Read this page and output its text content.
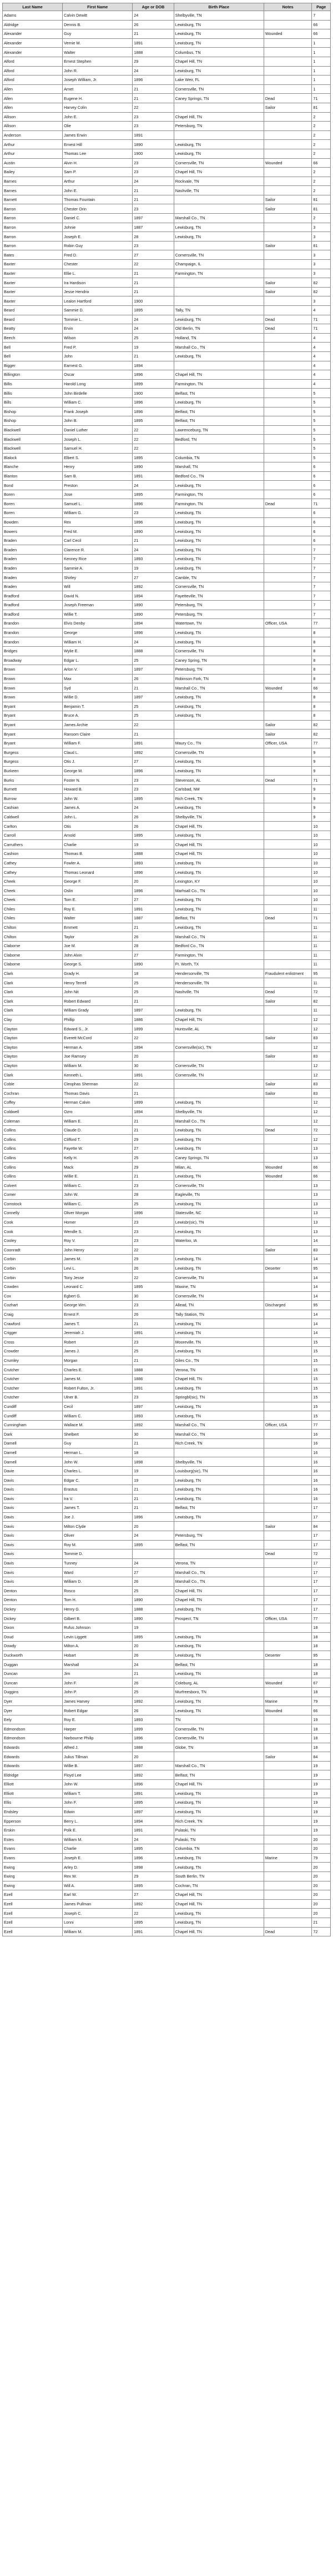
Last Name	First Name	Age or DOB	Birth Place	Notes	Page
Adams	Calvin Dewitt	24	Shelbyville, TN		7
Aldridge	Dennis B.	26	Lewisburg, TN		66
Alexander	Guy	21	Lewisburg, TN	Wounded	66
Alexander	Vernie M.	1891	Lewisburg, TN		1
Alexander	Walter	1888	Columbus, TN		1
Alford	Ernest Stephen	29	Chapel Hill, TN		1
Alford	John R.	24	Lewisburg, TN		1
Alford	Joseph William, Jr.	1896	Lake Weir, FL		1
Allen	Arnet	21	Cornersville, TN		1
Allen	Eugene H.	21	Caney Springs, TN	Dead	71
Allen	Harvey Colin	22		Sailor	81
Allison	John E.	23	Chapel Hill, TN		2
Allison	Olie	23	Petersburg, TN		2
Anderson	James Erwin	1891			2
Arthur	Ernest Hill	1890	Lewisburg, TN		2
Arthur	Thomas Lee	1900	Lewisburg, TN		2
Austin	Alvin H.	23	Cornersville, TN	Wounded	66
Bailey	Sam P.	23	Chapel Hill, TN		2
Barnes	Arthur	24	Rockvale, TN		2
Barnes	John E.	21	Nashville, TN		2
Barnett	Thomas Fountain	21		Sailor	81
Barron	Chester Orin	23		Sailor	81
Barron	Daniel C.	1897	Marshall Co., TN		2
Barron	Johnie	1887	Lewisburg, TN		3
Barron	Joseph E.	28	Lewisburg, TN		3
Barron	Robin Guy	23		Sailor	81
Bates	Fred D.	27	Cornersville, TN		3
Baxter	Chester	22	Champaign, IL		3
Baxter	Ellie L.	21	Farmington, TN		3
Baxter	Ira Hardison	21		Sailor	82
Baxter	Jesse Hendrix	21		Sailor	82
Baxter	Lealon Hartford	1900			3
Beard	Sammie D.	1895	Tally, TN		4
Beard	Tommie L.	24	Lewisburg, TN	Dead	71
Beatty	Ervin	24	Old Berlin, TN	Dead	71
Beech	Wilson	25	Holland, TN		4
Bell	Fred P.	19	Marshall Co., TN		4
Bell	John	21	Lewisburg, TN		4
Bigger	Earnest G.	1894			4
Billington	Oscar	1896	Chapel Hill, TN		4
Billis	Harold Long	1899	Farmington, TN		4
Billis	John Birdelle	1900	Belfast, TN		5
Bills	William C.	1896	Lewisburg, TN		5
Bishop	Frank Joseph	1896	Belfast, TN		5
Bishop	John B.	1895	Belfast, TN		5
Blackwell	Daniel Luther	22	Lawrenceburg, TN		5
Blackwell	Joseph L.	22	Bedford, TN		5
Blackwell	Samuel H.	22			5
Blalock	Elbert S.	1895	Columbia, TN		5
Blanche	Henry	1890	Marshall, TN		6
Blanton	Sam B.	1891	Bedford Co., TN		6
Bond	Preston	24	Lewisburg, TN		6
Boren	Jose	1895	Farmington, TN		6
Boren	Samuel L.	1896	Farmington, TN	Dead	71
Boren	William G.	23	Lewisburg, TN		6
Bowden	Rex	1896	Lewisburg, TN		6
Bowers	Fred M.	1890	Lewisburg, TN		6
Braden	Carl Cecil	21	Lewisburg, TN		6
Braden	Clarence R.	24	Lewisburg, TN		7
Braden	Kenney Rice	1893	Lewisburg, TN		7
Braden	Sammie A.	19	Lewisburg, TN		7
Braden	Shirley	27	Camble, TN		7
Braden	Will	1892	Cornersville, TN		7
Bradford	David N.	1894	Fayetteville, TN		7
Bradford	Joseph Freeman	1890	Petersburg, TN		7
Bradford	Willie T.	1890	Petersburg, TN		7
Brandon	Elvis Denby	1894	Watertown, TN	Officer, USA	77
Brandon	George	1896	Lewisburg, TN		8
Brandon	William H.	24	Lewisburg, TN		8
Bridges	Wylie E.	1888	Cornersville, TN		8
Broadway	Edgar L.	25	Caney Spring, TN		8
Brown	Arlon V.	1897	Petersburg, TN		8
Brown	Max	26	Robinson Fork, TN		8
Brown	Syd	21	Marshall Co., TN	Wounded	66
Brown	Willie D.	1897	Lewisburg, TN		8
Bryant	Benjamin T.	25	Lewisburg, TN		8
Bryant	Bruce A.	25	Lewisburg, TN		8
Bryant	James Archie	22		Sailor	82
Bryant	Ransom Claire	21		Sailor	82
Bryant	William F.	1891	Maury Co., TN	Officer, USA	77
Burgess	Claud L.	1892	Cornersville, TN		9
Burgess	Otis J.	27	Lewisburg, TN		9
Burkeen	George M.	1896	Lewisburg, TN		9
Burks	Foster N.	23	Stevenson, AL	Dead	71
Burnett	Howard B.	23	Carlsbad, NM		9
Burrow	John W.	1895	Rich Creek, TN		9
Cashian	James A.	24	Lewisburg, TN		9
Caldwell	John L.	26	Shelbyville, TN		9
Carlton	Otis	26	Chapel Hill, TN		10
Carroll	Arnold	1895	Lewisburg, TN		10
Carruthers	Charlie	19	Chapel Hill, TN		10
Cashion	Thomas B.	1888	Chapel Hill, TN		10
Cathey	Fowler A.	1893	Lewisburg, TN		10
Cathey	Thomas Leonard	1896	Lewisburg, TN		10
Cheek	George F.	20	Lexington, KY		10
Cheek	Oslin	1896	Marhsall Co., TN		10
Cheek	Tom E.	27	Lewisburg, TN		10
Chiles	Roy E.	1891	Lewisburg, TN		11
Chiles	Walter	1887	Belfast, TN	Dead	71
Chilton	Emmett	21	Lewisburg, TN		11
Chilton	Taylor	26	Marshall Co., TN		11
Claborne	Joe M.	28	Bedford Co., TN		11
Claborne	John Alvin	27	Farmington, TN		11
Claborne	George S.	1890	Ft. Worth, TX		11
Clark	Grady H.	18	Hendersonville, TN	Fraudulent enlistment	95
Clark	Henry Terrell	25	Hendersonville, TN		11
Clark	John Nit	25	Nashville, TN	Dead	72
Clark	Robert Edward	21		Sailor	82
Clark	William Grady	1897	Lewisburg, TN		11
Clay	Phillip	1886	Chapel Hill, TN		12
Clayton	Edward S., Jr.	1899	Huntsville, AL		12
Clayton	Everett McCord	22		Sailor	83
Clayton	Herman A.	1894	Cornersville(sic), TN		12
Clayton	Joe Ramsey	20		Sailor	83
Clayton	William M.	30	Cornersville, TN		12
Clark	Kenneth L.	1891	Cornersville, TN		12
Coble	Cleophas Sherman	22		Sailor	83
Cochran	Thomas Davis	21		Sailor	83
Coffey	Herman Calvin	1899	Lewisburg, TN		12
Coldwell	Ozro	1894	Shelbyville, TN		12
Coleman	William E.	21	Marshall Co., TN		12
Collins	Claude D.	21	Lewisburg, TN	Dead	72
Collins	Clifford T.	29	Lewisburg, TN		12
Collins	Fayette W.	27	Lewisburg, TN		13
Collins	Kelly H.	25	Caney Springs, TN		13
Collins	Mack	29	Milan, AL	Wounded	66
Collins	Willie E.	21	Lewisburg, TN	Wounded	66
Colvert	William C.	23	Cornersville, TN		13
Comer	John W.	28	Eagleville, TN		13
Comstock	William C.	25	Lewisburg, TN		13
Connelly	Oliver Morgan	1896	Statesville, NC		13
Cook	Homer	23	Lewisbr(sic), TN		13
Cook	Wendle S.	23	Lewisburg, TN		13
Cooley	Roy V.	23	Waterloo, IA		14
Coonradt	John Henry	22		Sailor	83
Corbin	James M.	29	Lewisburg, TN		14
Corbin	Levi L.	26	Lewisburg, TN	Deserter	95
Corbin	Tony Jesse	22	Cornersville, TN		14
Cowden	Leonard C.	1895	Maxine, TN		14
Cox	Egbert G.	30	Cornersville, TN		14
Cozhart	George Wm.	23	Allead, TN	Discharged	95
Craig	Ernest F.	26	Tally Station, TN		14
Crawford	James T.	21	Lewisburg, TN		14
Crigger	Jeremiah J.	1891	Lewisburg, TN		14
Cross	Robert	23	Mooreville, TN		15
Crowder	James J.	25	Lewisburg, TN		15
Crumley	Morgan	21	Giles Co., TN		15
Crutcher	Charles E.	1888	Verona, TN		15
Crutcher	James M.	1886	Chapel Hill, TN		15
Crutcher	Robert Fulton, Jr.	1891	Lewisburg, TN		15
Crutcher	Ulner B.	23	Springbl(sic), TN		15
Cundiff	Cecil	1897	Lewisburg, TN		15
Cundiff	William C.	1893	Lewisburg, TN		15
Cunningham	Wallace M.	1892	Marshall Co., TN	Officer, USA	77
Dark	Shelbert	30	Marshall Co., TN		16
Darnell	Guy	21	Rich Creek, TN		16
Darnell	Herman L.	18			16
Darnell	John W.	1898	Shelbyville, TN		16
Davie	Charles L.	19	Louisburg(sic), TN		16
Davis	Edgar C.	19	Lewisburg, TN		16
Davis	Erastus	21	Lewisburg, TN		16
Davis	Ira V.	21	Lewisburg, TN		16
Davis	James T.	21	Belfast, TN		17
Davis	Joe J.	1896	Lewisburg, TN		17
Davis	Milton Clyde	20		Sailor	84
Davis	Oliver	24	Petersburg, TN		17
Davis	Roy M.	1895	Belfast, TN		17
Davis	Tommie D.			Dead	72
Davis	Tunney	24	Verona, TN		17
Davis	Ward	27	Marshall Co., TN		17
Davis	William D.	26	Marshall Co., TN		17
Denton	Rosco	25	Chapel Hill, TN		17
Denton	Tom H.	1890	Chapel Hill, TN		17
Dickey	Henry G.	1888	Lewisburg, TN		17
Dickey	Gilbert B.	1890	Prospect, TN	Officer, USA	77
Dixon	Rufus Johnson	19			18
Doud	Levin Liggett	1895	Lewisburg, TN		18
Dowdy	Milton A.	20	Lewisburg, TN		18
Duckworth	Hobart	26	Lewisburg, TN	Deserter	95
Duggan	Marshall	24	Belfast, TN		18
Duncan	Jim	21	Lewisburg, TN		18
Duncan	John F.	26	Coleburg, AL	Wounded	67
Duggins	John P.	25	Murfreesboro, TN		18
Dyer	James Harvey	1892	Lewisburg, TN	Marine	79
Dyer	Robert Edgar	26	Lewisburg, TN	Wounded	66
Eely	Roy E.	1893	TN		19
Edmondson	Harper	1899	Cornersville, TN		18
Edmondson	Narbourne Philip	1896	Cornersville, TN		18
Edwards	Alfred J.	1888	Globe, TN		18
Edwards	Julius Tillman	20		Sailor	84
Edwards	Willie B.	1897	Marshall Co., TN		19
Eldridge	Floyd Lee	1892	Belfast, TN		19
Elliott	John W.	1896	Chapel Hill, TN		19
Elliott	William T.	1891	Lewisburg, TN		19
Ellis	John F.	1895	Lewisburg, TN		19
Endsley	Edwin	1897	Lewisburg, TN		19
Epperson	Berry L.	1894	Rich Creek, TN		19
Erskin	Polk E.	1891	Pulaski, TN		19
Estes	William M.	24	Pulaski, TN		20
Evans	Charlie	1895	Columbia, TN		20
Evans	Joseph E.	1896	Lewisburg, TN	Marine	79
Ewing	Arley D.	1898	Lewisburg, TN		20
Ewing	Rex W.	29	South Berlin, TN		20
Ewing	Will A.	1895	Cochran, TN		20
Ezell	Earl W.	27	Chapel Hill, TN		20
Ezell	James Pullman	1892	Chapel Hill, TN		20
Ezell	Joseph C.	22	Lewisburg, TN		20
Ezell	Lonni	1895	Lewisburg, TN		21
Ezell	William M.	1891	Chapel Hill, TN	Dead	72
